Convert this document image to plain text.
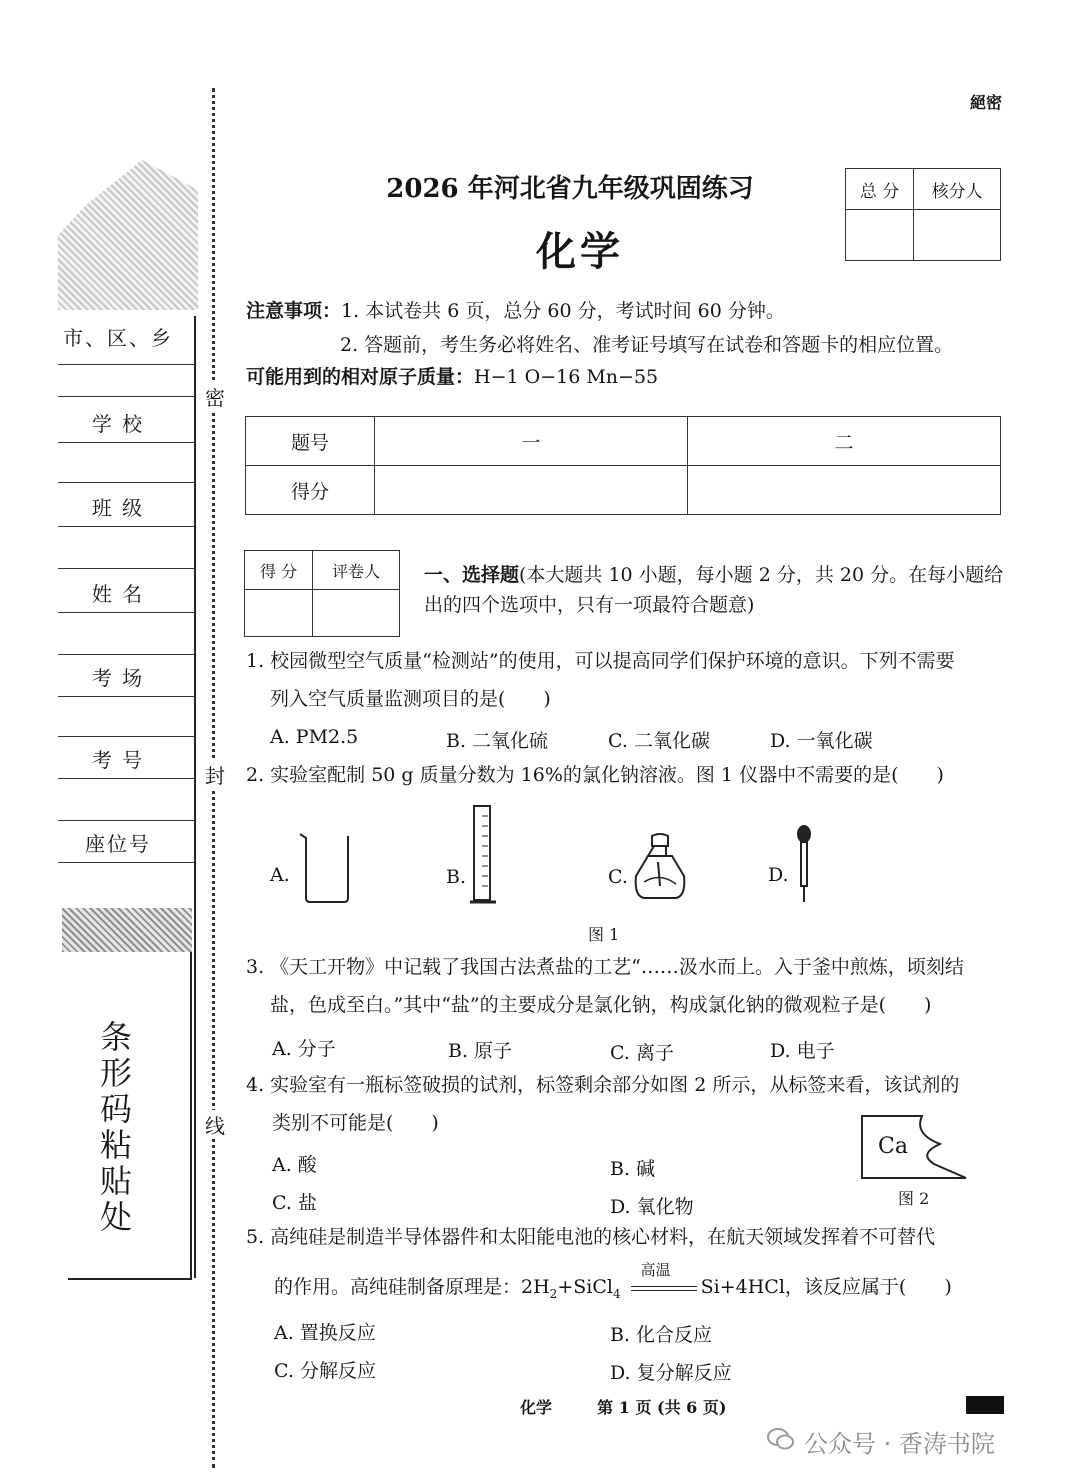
市、区、乡
学 校
班 级
姓 名
考 场
考 号
座位号
条形码粘贴处
密
封
线
絕密
2026 年河北省九年级巩固练习
化学
总 分	核分人

注意事项：1. 本试卷共 6 页，总分 60 分，考试时间 60 分钟。
2. 答题前，考生务必将姓名、准考证号填写在试卷和答题卡的相应位置。
可能用到的相对原子质量：H−1 O−16 Mn−55
题号	一	二
得分		
得 分	评卷人
	一、选择题(本大题共 10 小题，每小题 2 分，共 20 分。在每小题给出的四个选项中，只有一项最符合题意)
1. 校园微型空气质量“检测站”的使用，可以提高同学们保护环境的意识。下列不需要
列入空气质量监测项目的是(　　)
A. PM2.5	B. 二氧化硫	C. 二氧化碳	D. 一氧化碳
2. 实验室配制 50 g 质量分数为 16%的氯化钠溶液。图 1 仪器中不需要的是(　　)
A.	B.	C.	D.
图 1
3. 《天工开物》中记载了我国古法煮盐的工艺“……汲水而上。入于釜中煎炼，顷刻结
盐，色成至白。”其中“盐”的主要成分是氯化钠，构成氯化钠的微观粒子是(　　)
A. 分子	B. 原子	C. 离子	D. 电子
4. 实验室有一瓶标签破损的试剂，标签剩余部分如图 2 所示，从标签来看，该试剂的
类别不可能是(　　)
A. 酸	B. 碱
C. 盐	D. 氧化物
Ca
图 2
5. 高纯硅是制造半导体器件和太阳能电池的核心材料，在航天领域发挥着不可替代
的作用。高纯硅制备原理是：$2H_2+SiCl_4$
高温
Si+4HCl，该反应属于(　　)
A. 置换反应	B. 化合反应
C. 分解反应	D. 复分解反应
化学	第 1 页 (共 6 页)
公众号 · 香涛书院
